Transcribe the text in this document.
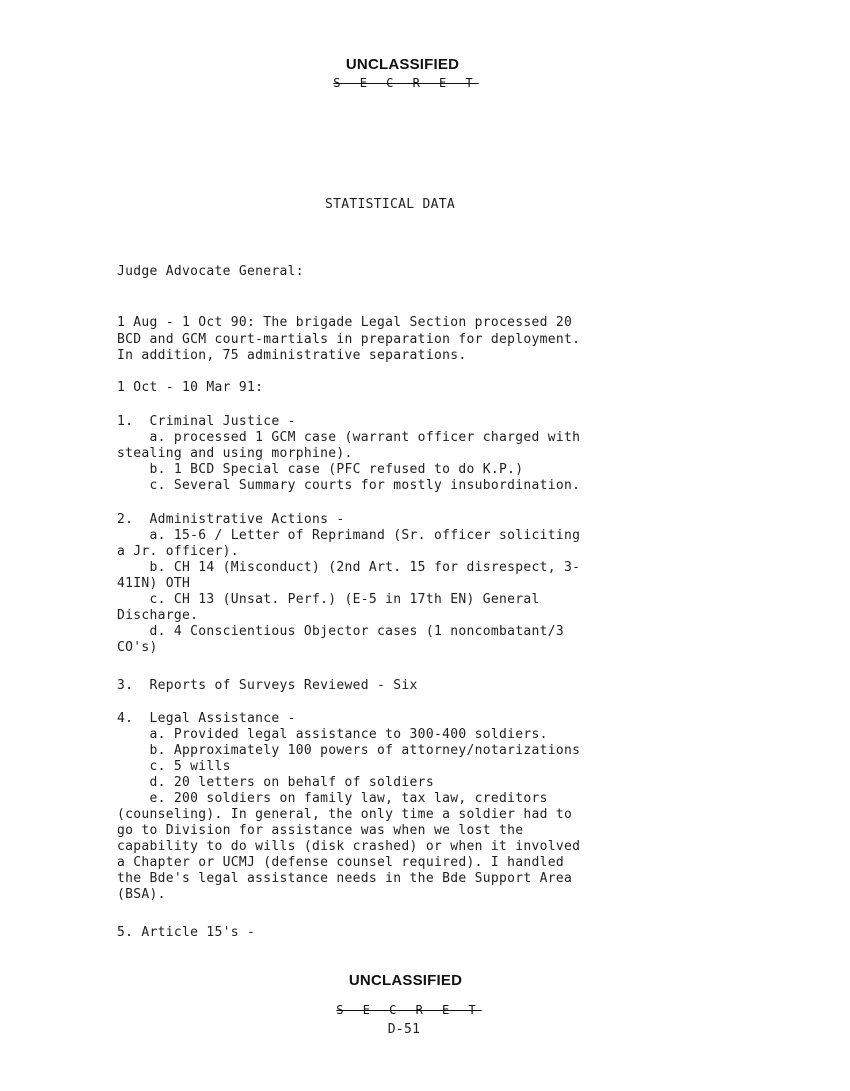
UNCLASSIFIED
S E C R E T
STATISTICAL DATA
Judge Advocate General:
1 Aug - 1 Oct 90: The brigade Legal Section processed 20
BCD and GCM court-martials in preparation for deployment.
In addition, 75 administrative separations.
1 Oct - 10 Mar 91:
1.  Criminal Justice -
a. processed 1 GCM case (warrant officer charged with
stealing and using morphine).
b. 1 BCD Special case (PFC refused to do K.P.)
c. Several Summary courts for mostly insubordination.
2.  Administrative Actions -
a. 15-6 / Letter of Reprimand (Sr. officer soliciting
a Jr. officer).
b. CH 14 (Misconduct) (2nd Art. 15 for disrespect, 3-
41IN) OTH
c. CH 13 (Unsat. Perf.) (E-5 in 17th EN) General
Discharge.
d. 4 Conscientious Objector cases (1 noncombatant/3
CO's)
3.  Reports of Surveys Reviewed - Six
4.  Legal Assistance -
a. Provided legal assistance to 300-400 soldiers.
b. Approximately 100 powers of attorney/notarizations
c. 5 wills
d. 20 letters on behalf of soldiers
e. 200 soldiers on family law, tax law, creditors
(counseling). In general, the only time a soldier had to
go to Division for assistance was when we lost the
capability to do wills (disk crashed) or when it involved
a Chapter or UCMJ (defense counsel required). I handled
the Bde's legal assistance needs in the Bde Support Area
(BSA).
5. Article 15's -
UNCLASSIFIED
S E C R E T
D-51
